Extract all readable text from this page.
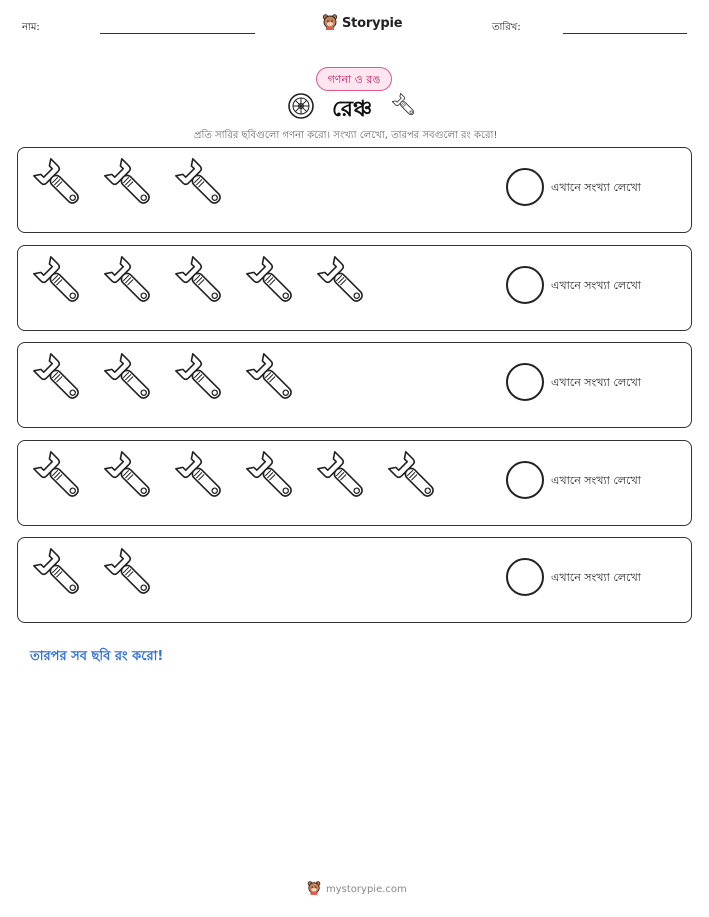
নাম:	Storypie	তারিখ:
গণনা ও রঙ
রেঞ্চ
প্রতি সারির ছবিগুলো গণনা করো। সংখ্যা লেখো, তারপর সবগুলো রং করো!
এখানে সংখ্যা লেখো
এখানে সংখ্যা লেখো
এখানে সংখ্যা লেখো
এখানে সংখ্যা লেখো
এখানে সংখ্যা লেখো
তারপর সব ছবি রং করো!
mystorypie.com
